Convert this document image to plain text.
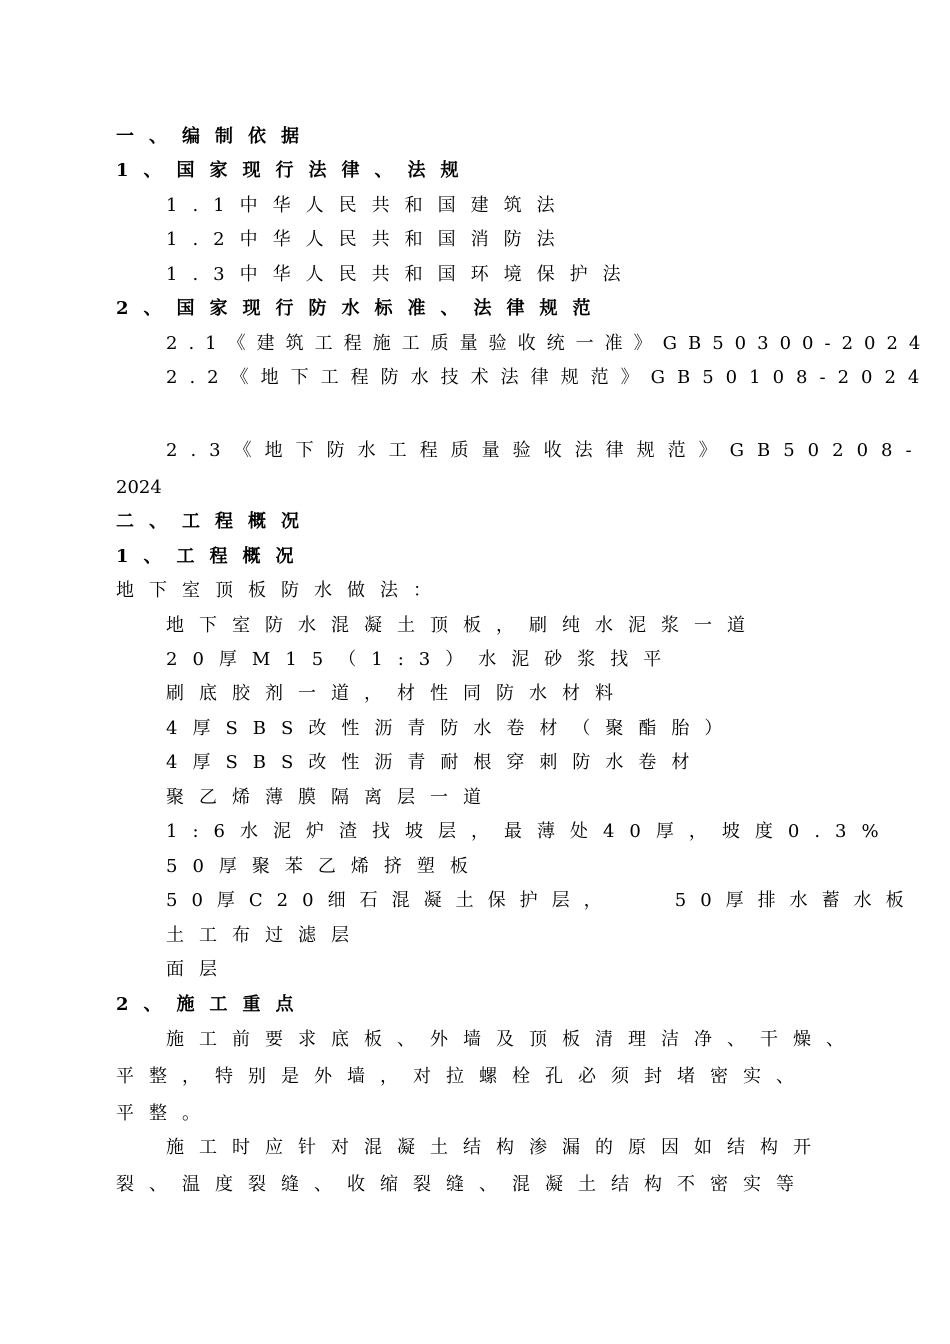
一、编制依据
1、国家现行法律、法规
1.1中华人民共和国建筑法
1.2中华人民共和国消防法
1.3中华人民共和国环境保护法
2、国家现行防水标准、法律规范
2.1《建筑工程施工质量验收统一准》GB50300-2024
2.2《地下工程防水技术法律规范》GB50108-2024
2.3《地下防水工程质量验收法律规范》GB50208-
2024
二、工程概况
1、工程概况
地下室顶板防水做法：
地下室防水混凝土顶板，刷纯水泥浆一道
20厚M15（1:3）水泥砂浆找平
刷底胶剂一道，材性同防水材料
4厚SBS改性沥青防水卷材（聚酯胎）
4厚SBS改性沥青耐根穿刺防水卷材
聚乙烯薄膜隔离层一道
1:6水泥炉渣找坡层，最薄处40厚，坡度0.3%
50厚聚苯乙烯挤塑板
50厚C20细石混凝土保护层，   50厚排水蓄水板
土工布过滤层
面层
2、施工重点
施工前要求底板、外墙及顶板清理洁净、干燥、
平整，特别是外墙，对拉螺栓孔必须封堵密实、
平整。
施工时应针对混凝土结构渗漏的原因如结构开
裂、温度裂缝、收缩裂缝、混凝土结构不密实等
